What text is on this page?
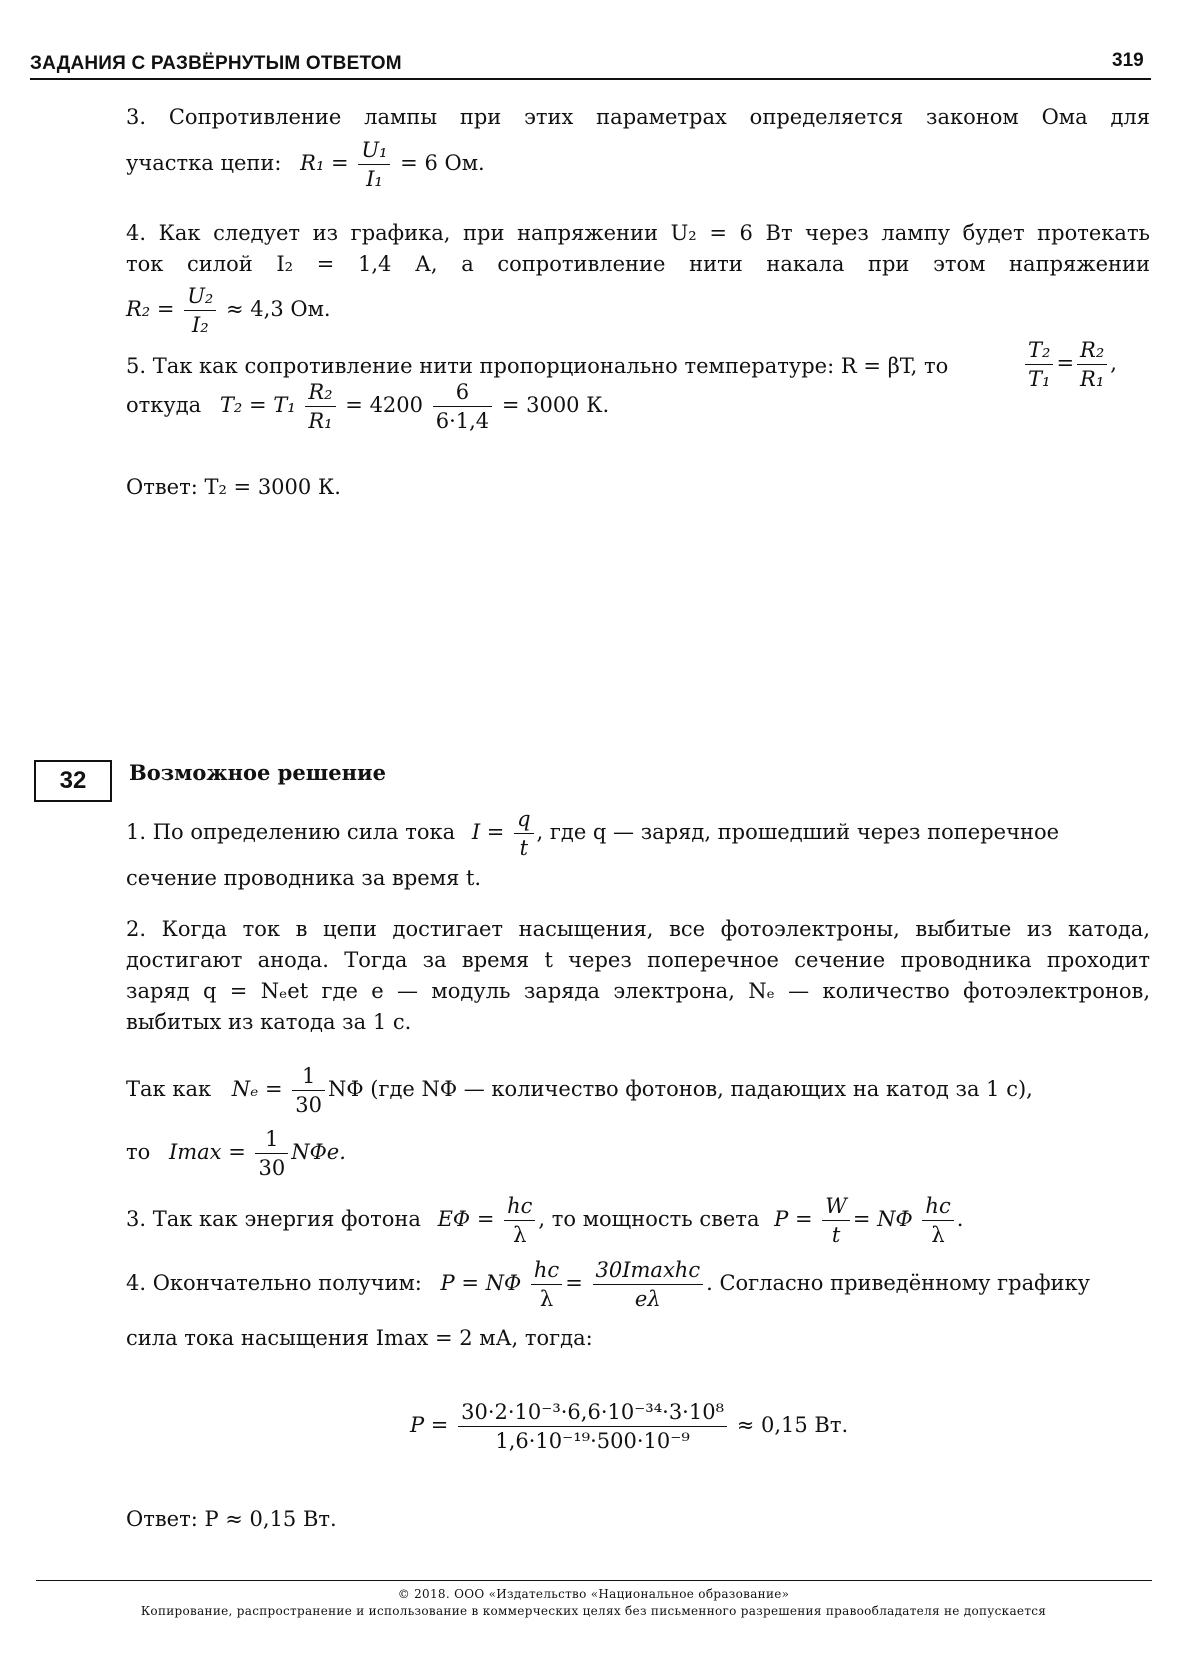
ЗАДАНИЯ С РАЗВЁРНУТЫМ ОТВЕТОМ	319
3. Сопротивление лампы при этих параметрах определяется законом Ома для
участка цепи: $R_1 = \frac{\text{U₁}}{\text{I₁}} = 6$ Ом.
4. Как следует из графика, при напряжении U₂ = 6 Вт через лампу будет протекать
ток силой I₂ = 1,4 А, а сопротивление нити накала при этом напряжении
$R_2 = \frac{\text{U₂}}{\text{I₂}} \approx 4,3$ Ом.
5. Так как сопротивление нити пропорционально температуре: R = βT, то	$\frac{\text{T₂}}{\text{T₁}} = \frac{\text{R₂}}{\text{R₁}}$ ,
откуда $T_2 = T_1 \frac{\text{R₂}}{\text{R₁}} = 4200 \frac{6}{6\cdot 1,4} = 3000$ К.
Ответ: T₂ = 3000 К.
32	Возможное решение
1. По определению сила тока $I = \frac{q}{t}$ , где q — заряд, прошедший через поперечное
сечение проводника за время t.
2. Когда ток в цепи достигает насыщения, все фотоэлектроны, выбитые из катода,
достигают анода. Тогда за время t через поперечное сечение проводника проходит
заряд q = Nₑet где e — модуль заряда электрона, Nₑ — количество фотоэлектронов,
выбитых из катода за 1 с.
Так как $N_e = \frac{1}{30}$ NΦ (где NΦ — количество фотонов, падающих на катод за 1 с),
то $Imax = \frac{1}{30} N\Phi e$.
3. Так как энергия фотона $E\Phi = \frac{hc}{\lambda}$ , то мощность света $P = \frac{W}{t} = N\Phi \frac{hc}{\lambda}$ .
4. Окончательно получим: P = NΦ $\frac{hc}{\lambda} = \frac{\text{30Imaxhc}}{e\lambda}$ . Согласно приведённому графику
сила тока насыщения Imax = 2 мА, тогда:
$P = \frac{\text{30·2·10⁻³·6,6·10⁻³⁴·3·10⁸}}{\text{1,6·10⁻¹⁹·500·10⁻⁹}} \approx 0,15$ Вт.
Ответ: P ≈ 0,15 Вт.
© 2018. ООО «Издательство «Национальное образование»
Копирование, распространение и использование в коммерческих целях без письменного разрешения правообладателя не допускается
